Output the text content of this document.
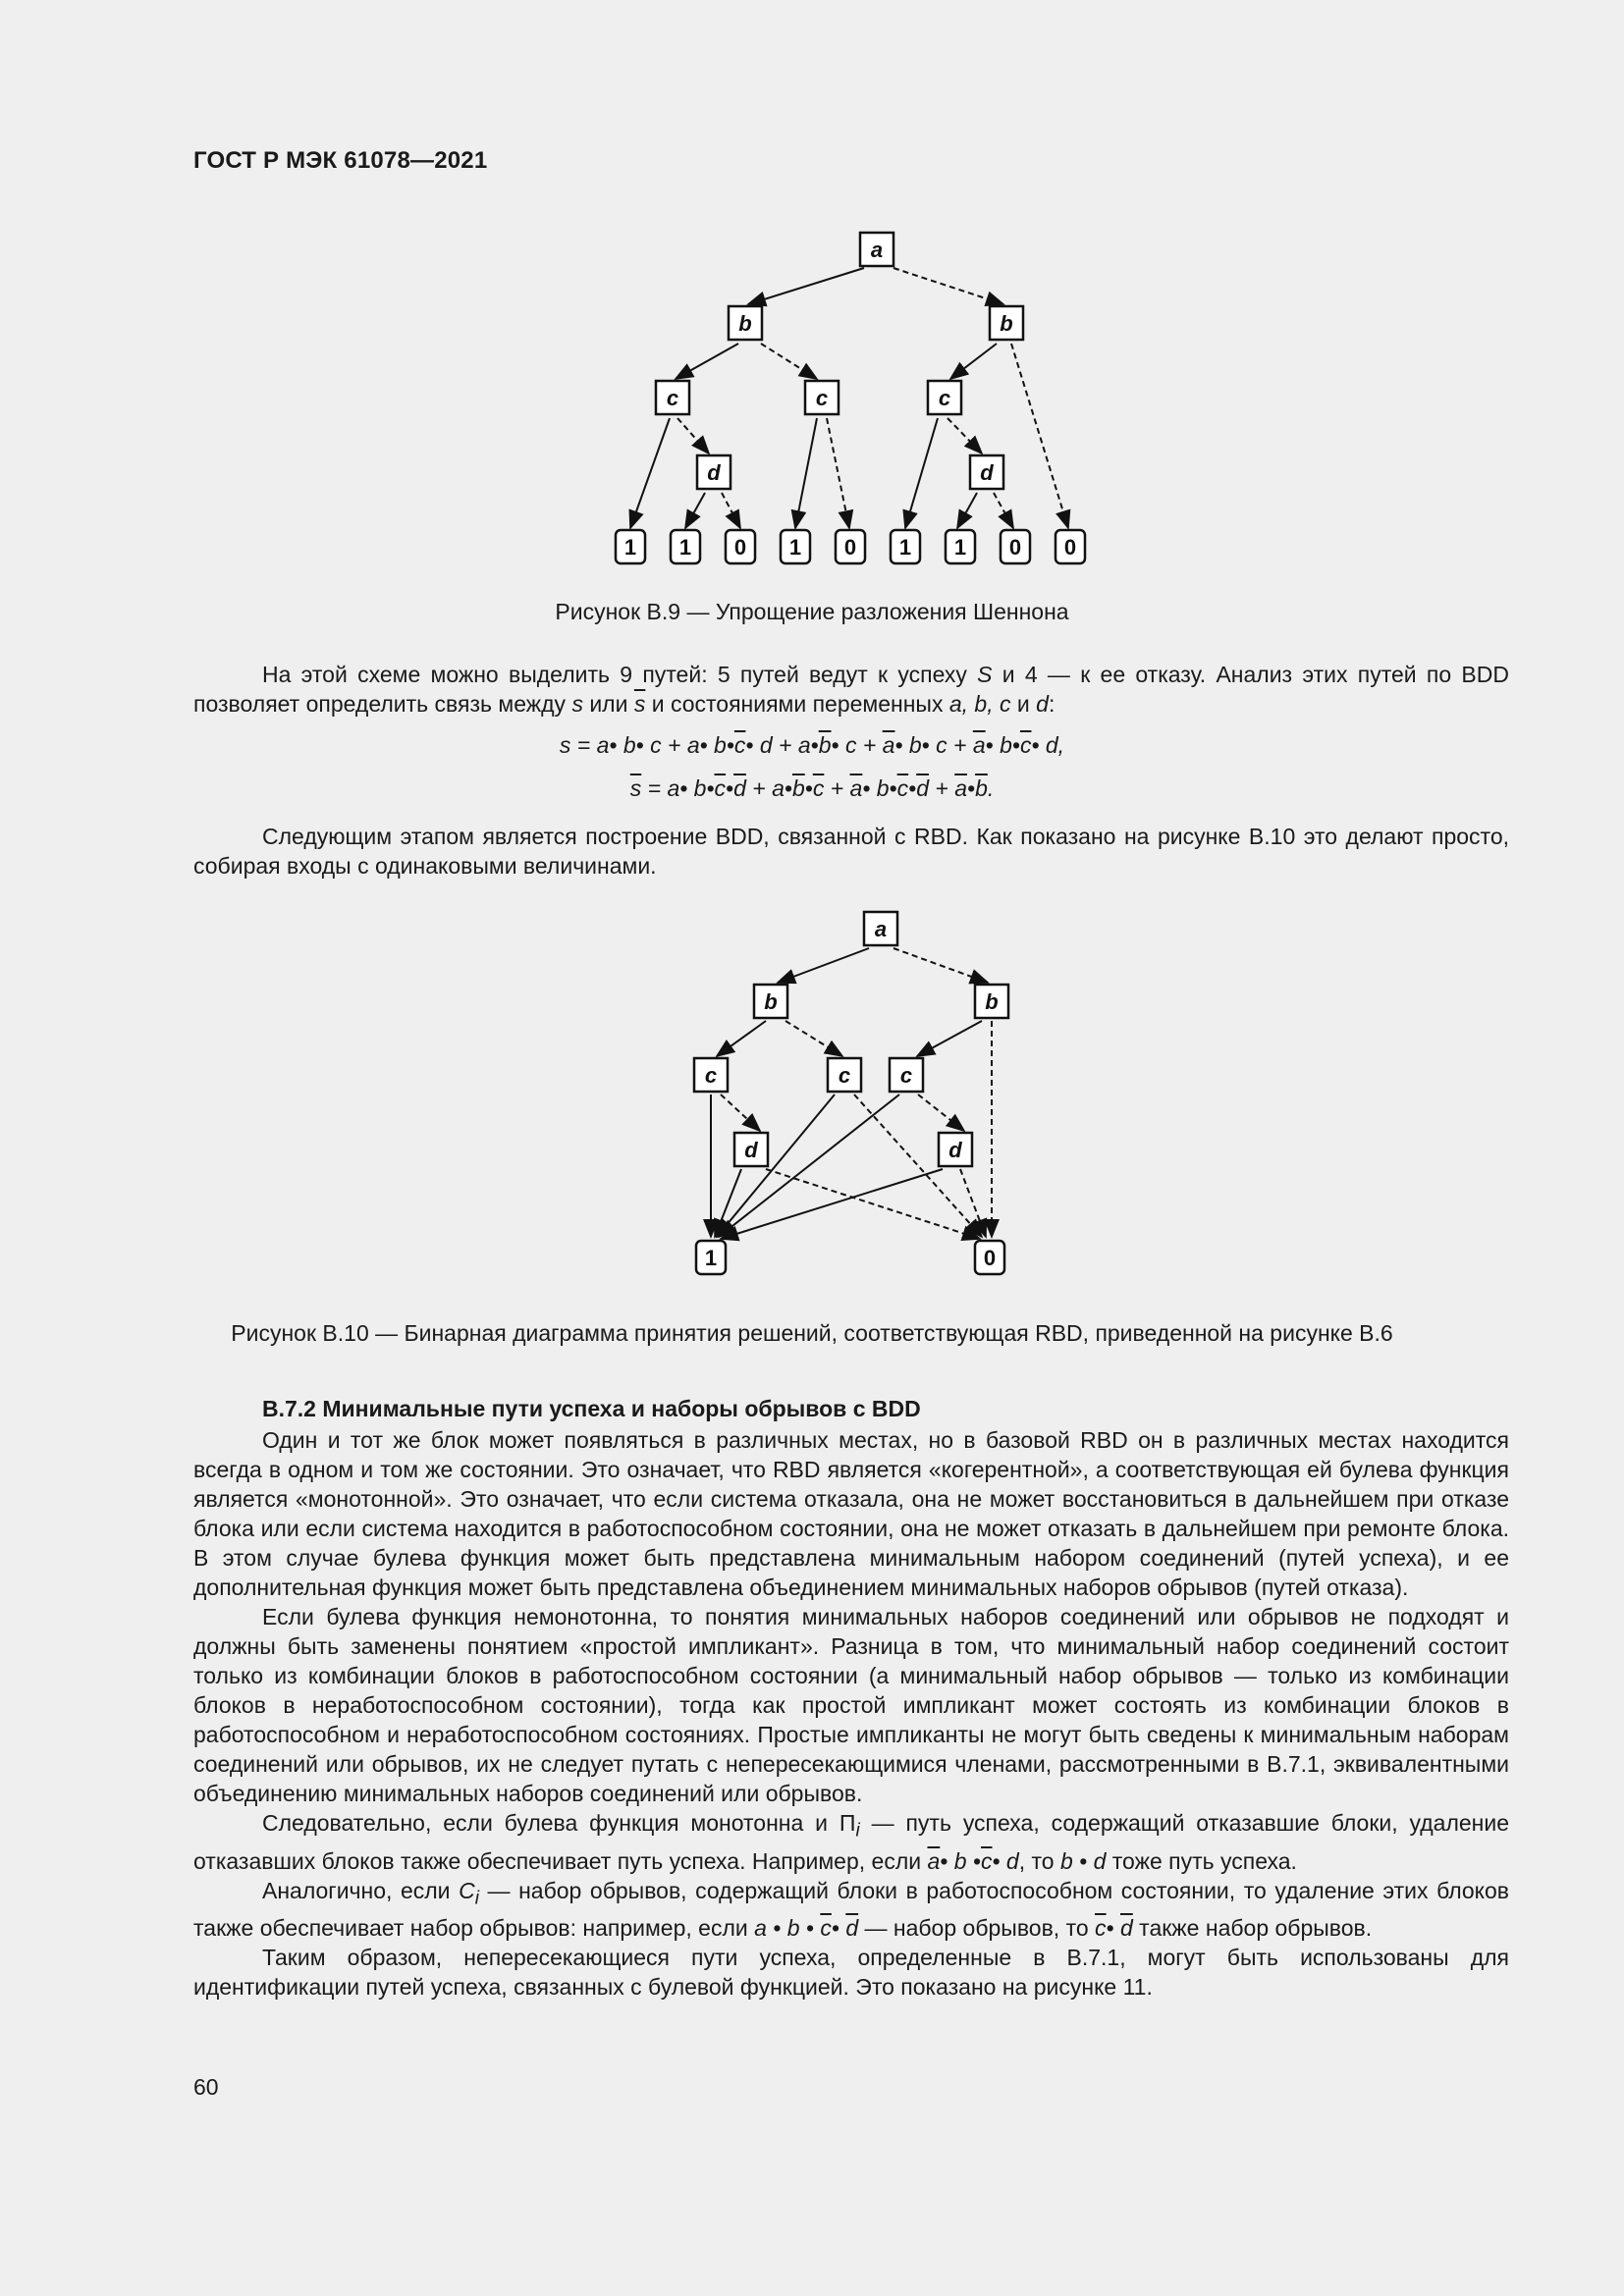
ГОСТ Р МЭК 61078—2021
a
b	b
c	c	c
d	d
1 1 0 1 0 1 1 0 0
Рисунок В.9 — Упрощение разложения Шеннона
На этой схеме можно выделить 9 путей: 5 путей ведут к успеху S и 4 — к ее отказу. Анализ этих путей по BDD позволяет определить связь между s или $\overline{s}$ и состояниями переменных a, b, c и d:
s = a• b• c + a• $b•\overline{c}•$ $d + a•\overline{b}•$ $c + \overline{a}•$ b• $c + \overline{a}•$ $b•\overline{c}•$ d,
$\overline{s}$ = a• $b•\overline{c}•\overline{d}$ + $a•\overline{b}•\overline{c}$ + $\overline{a}•$ $b•\overline{c}•\overline{d}$ + $\overline{a}•\overline{b}$.
Следующим этапом является построение BDD, связанной с RBD. Как показано на рисунке В.10 это делают просто, собирая входы с одинаковыми величинами.
a
b	b
c	c c
d	d
1	0
Рисунок В.10 — Бинарная диаграмма принятия решений, соответствующая RBD, приведенной на рисунке В.6
В.7.2 Минимальные пути успеха и наборы обрывов с BDD
Один и тот же блок может появляться в различных местах, но в базовой RBD он в различных местах находится всегда в одном и том же состоянии. Это означает, что RBD является «когерентной», а соответствующая ей булева функция является «монотонной». Это означает, что если система отказала, она не может восстановиться в дальнейшем при отказе блока или если система находится в работоспособном состоянии, она не может отказать в дальнейшем при ремонте блока. В этом случае булева функция может быть представлена минимальным набором соединений (путей успеха), и ее дополнительная функция может быть представлена объединением минимальных наборов обрывов (путей отказа).
Если булева функция немонотонна, то понятия минимальных наборов соединений или обрывов не подходят и должны быть заменены понятием «простой импликант». Разница в том, что минимальный набор соединений состоит только из комбинации блоков в работоспособном состоянии (а минимальный набор обрывов — только из комбинации блоков в неработоспособном состоянии), тогда как простой импликант может состоять из комбинации блоков в работоспособном и неработоспособном состояниях. Простые импликанты не могут быть сведены к минимальным наборам соединений или обрывов, их не следует путать с непересекающимися членами, рассмотренными в В.7.1, эквивалентными объединению минимальных наборов соединений или обрывов.
Следовательно, если булева функция монотонна и $\Pi_i$ — путь успеха, содержащий отказавшие блоки, удаление отказавших блоков также обеспечивает путь успеха. Например, если $\overline{a}•$ b $•\overline{c}•$ d, то b • d тоже путь успеха.
Аналогично, если $C_i$ — набор обрывов, содержащий блоки в работоспособном состоянии, то удаление этих блоков также обеспечивает набор обрывов: например, если a • b • $\overline{c}•$ $\overline{d}$ — набор обрывов, то $\overline{c}•$ $\overline{d}$ также набор обрывов.
Таким образом, непересекающиеся пути успеха, определенные в В.7.1, могут быть использованы для идентификации путей успеха, связанных с булевой функцией. Это показано на рисунке 11.
60
